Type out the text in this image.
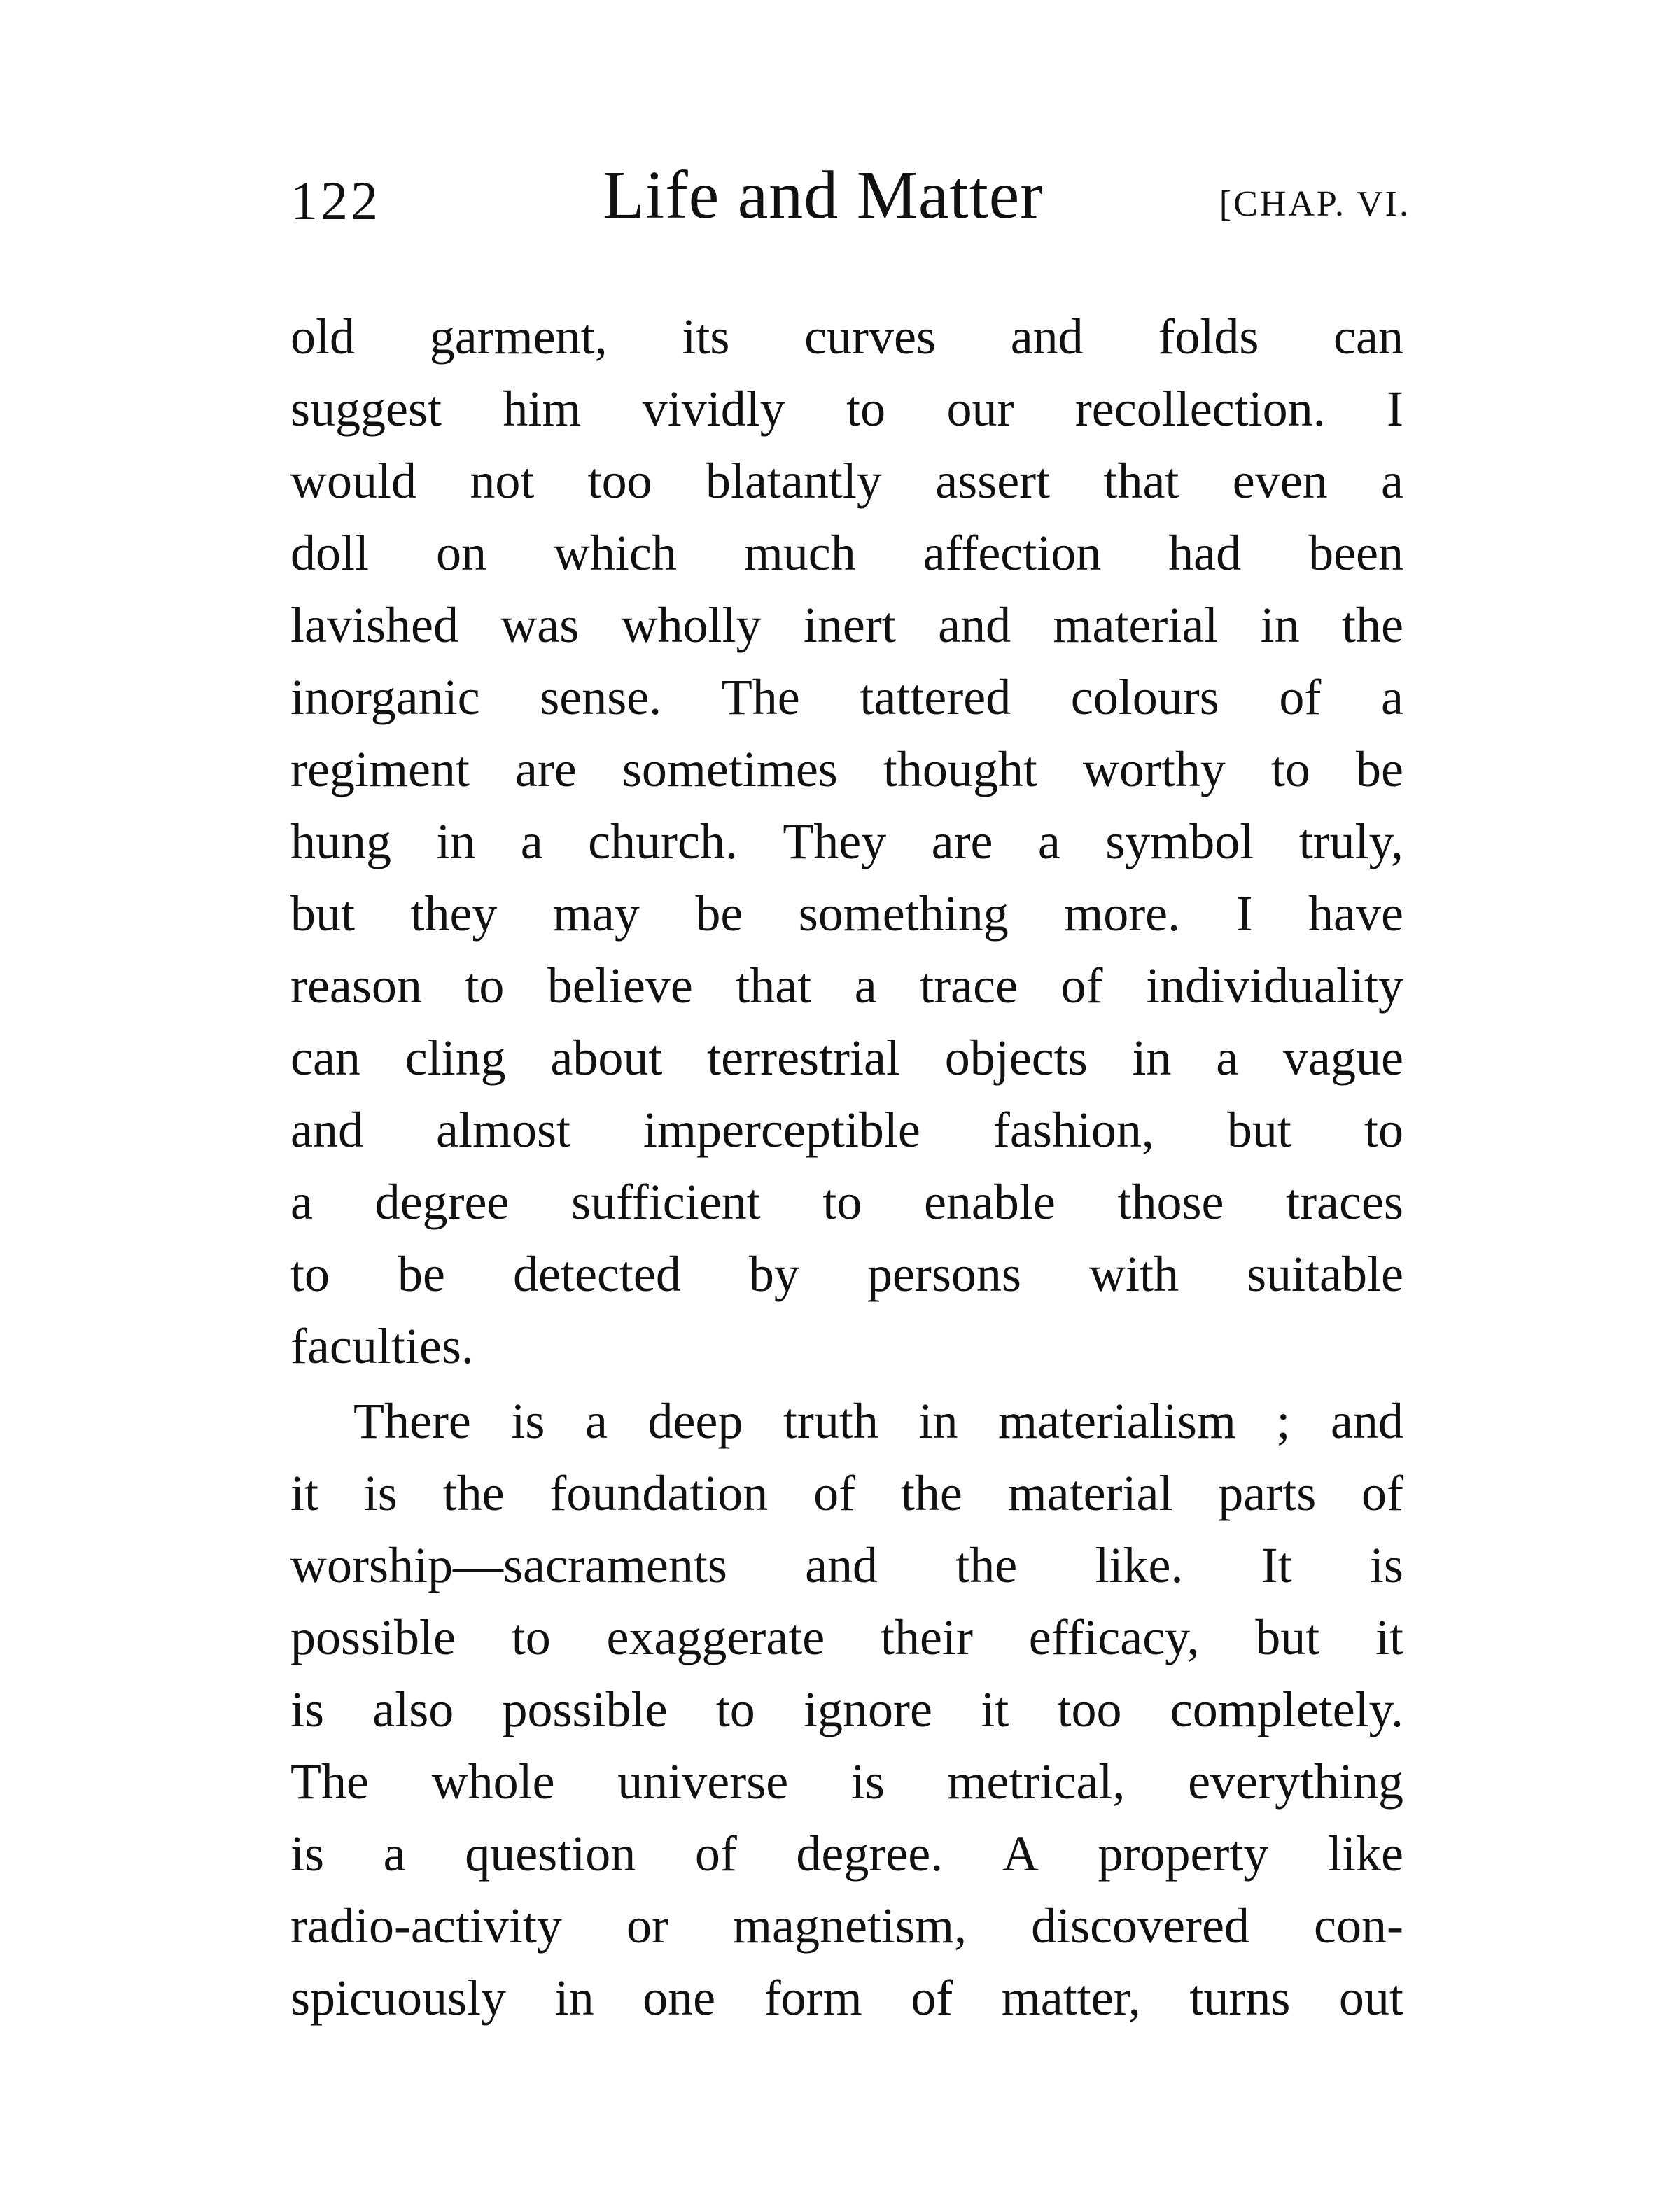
122	Life and Matter	[CHAP. VI.
old garment, its curves and folds can
suggest him vividly to our recollection. I
would not too blatantly assert that even a
doll on which much affection had been
lavished was wholly inert and material in the
inorganic sense. The tattered colours of a
regiment are sometimes thought worthy to be
hung in a church. They are a symbol truly,
but they may be something more. I have
reason to believe that a trace of individuality
can cling about terrestrial objects in a vague
and almost imperceptible fashion, but to
a degree sufficient to enable those traces
to be detected by persons with suitable
faculties.
There is a deep truth in materialism ; and
it is the foundation of the material parts of
worship—sacraments and the like. It is
possible to exaggerate their efficacy, but it
is also possible to ignore it too completely.
The whole universe is metrical, everything
is a question of degree. A property like
radio-activity or magnetism, discovered con-
spicuously in one form of matter, turns out
